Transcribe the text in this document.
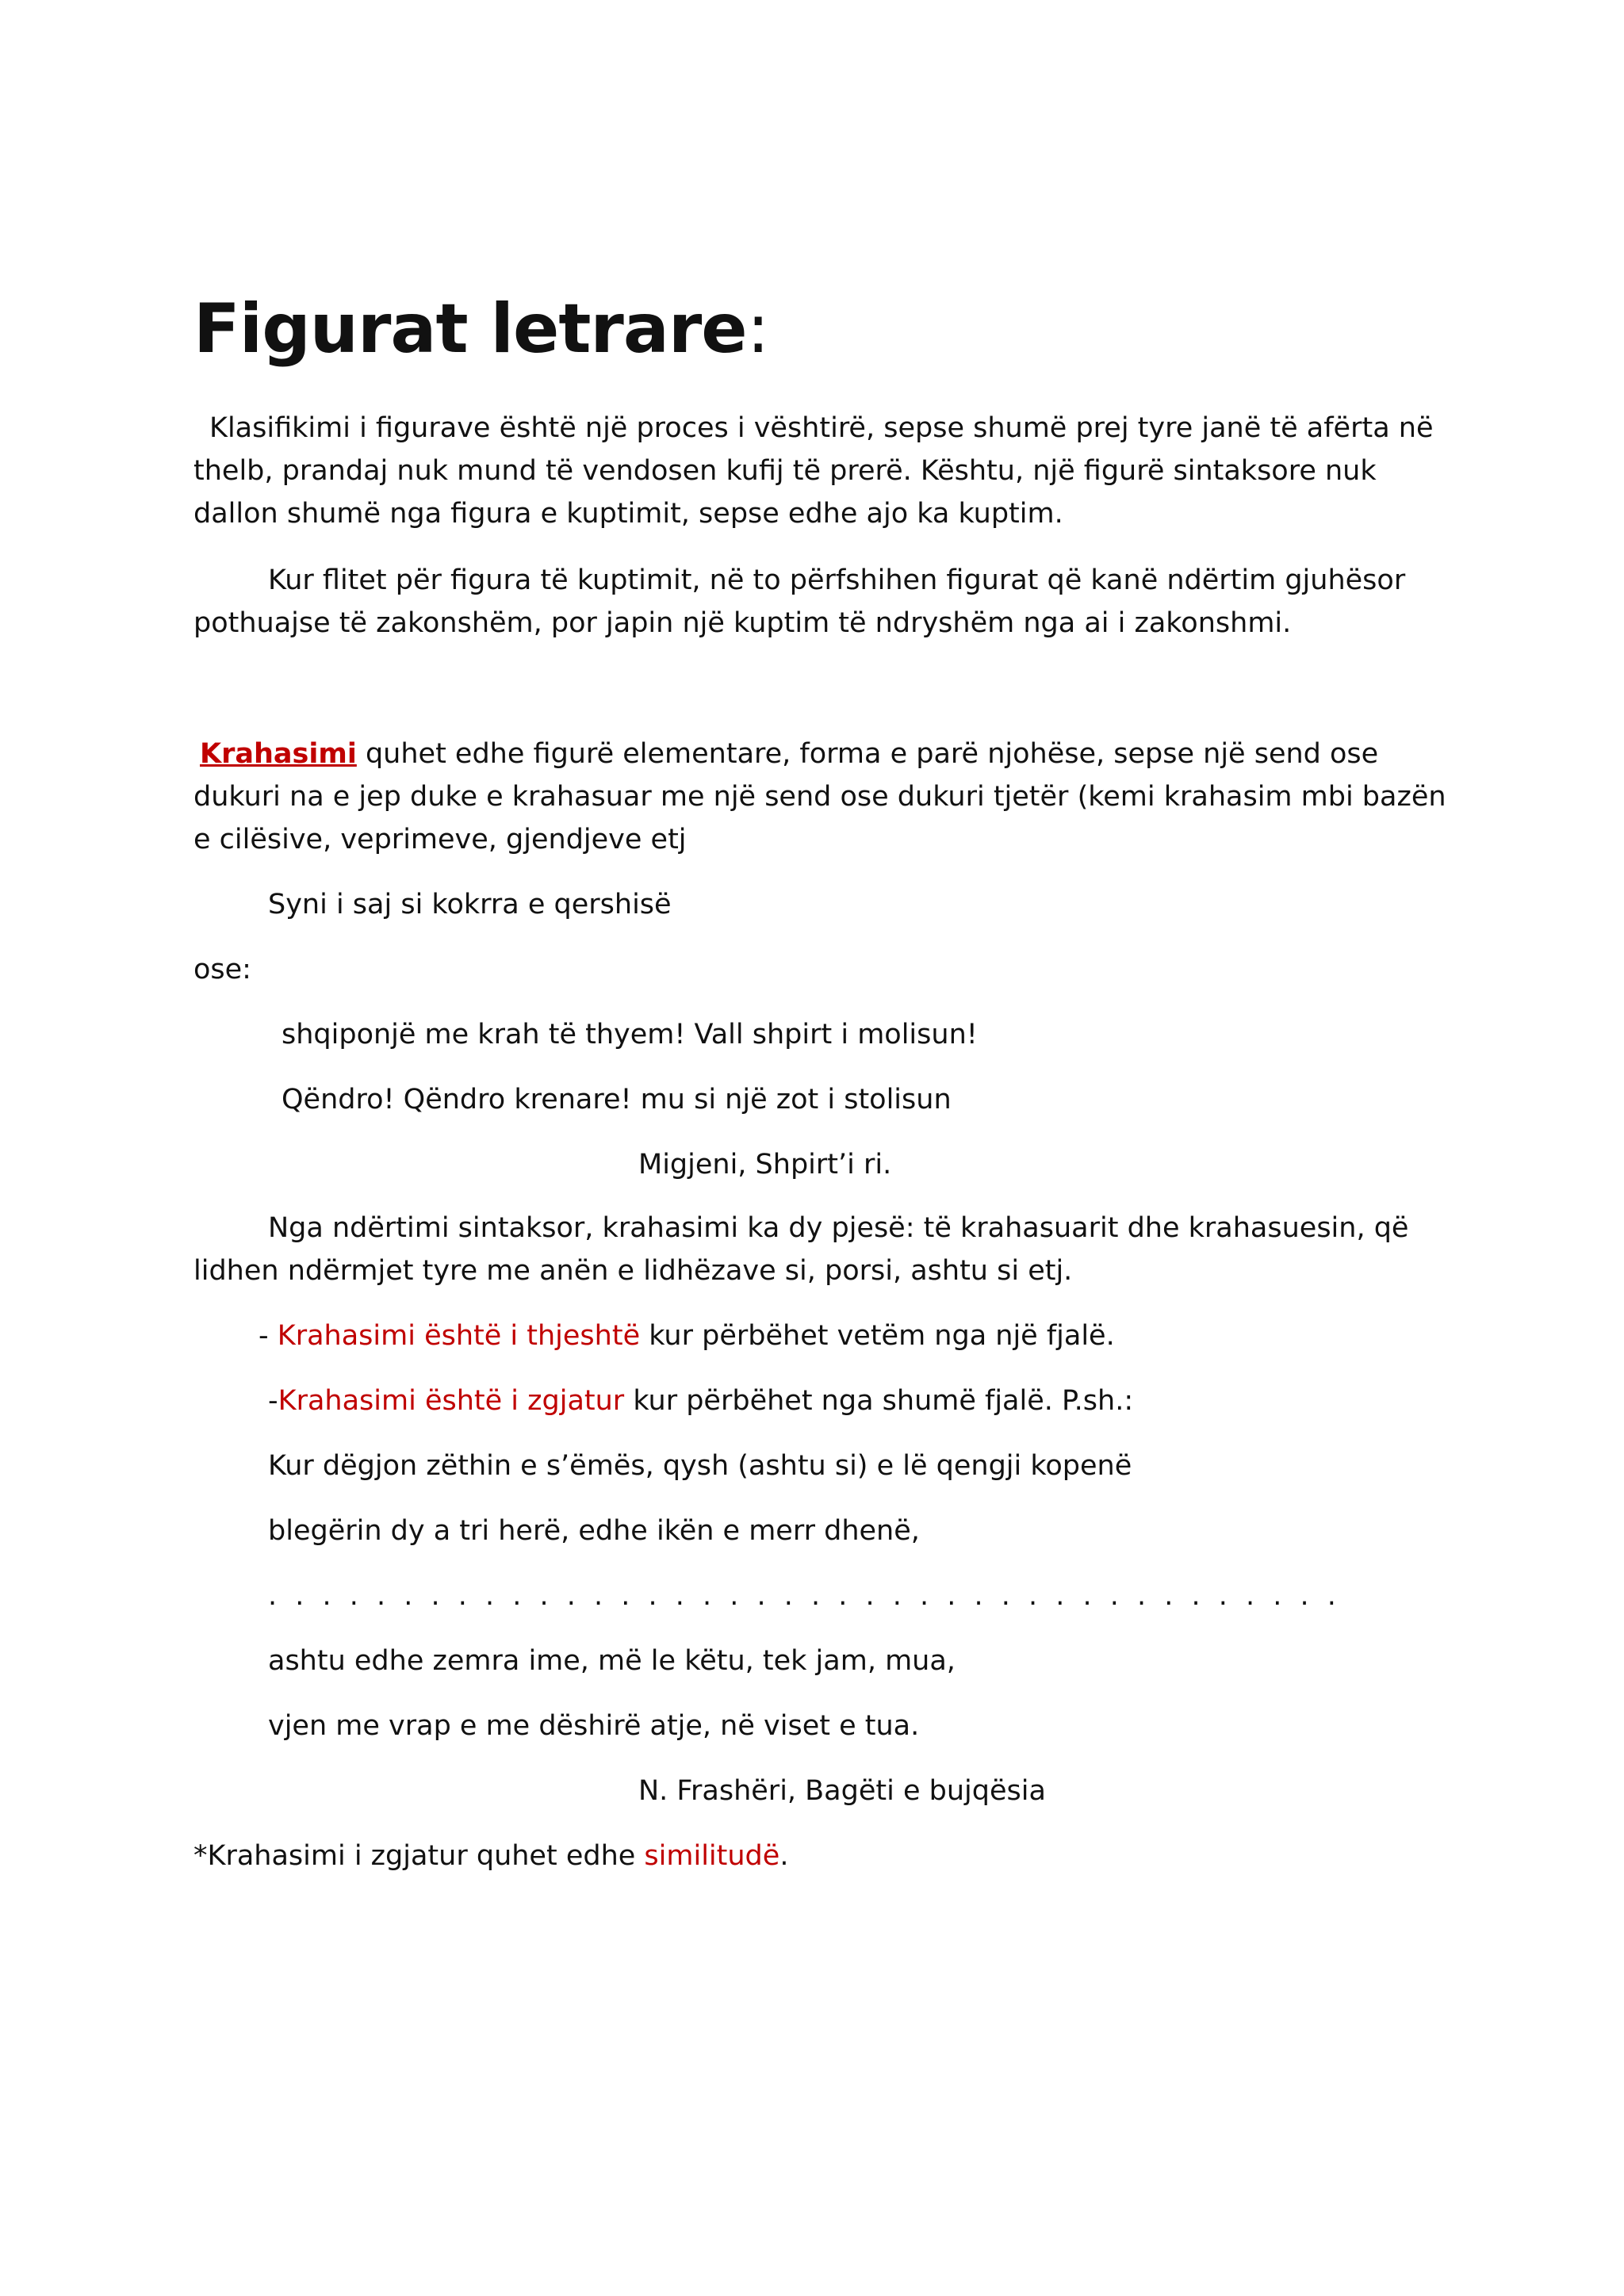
Figurat letrare:

Klasifikimi i figurave është një proces i vështirë, sepse shumë prej tyre janë të afërta në thelb, prandaj nuk mund të vendosen kufij të prerë. Kështu, një figurë sintaksore nuk dallon shumë nga figura e kuptimit, sepse edhe ajo ka kuptim.

Kur flitet për figura të kuptimit, në to përfshihen figurat që kanë ndërtim gjuhësor pothuajse të zakonshëm, por japin një kuptim të ndryshëm nga ai i zakonshmi.

Krahasimi quhet edhe figurë elementare, forma e parë njohëse, sepse një send ose dukuri na e jep duke e krahasuar me një send ose dukuri tjetër (kemi krahasim mbi bazën e cilësive, veprimeve, gjendjeve etj

Syni i saj si kokrra e qershisë

ose:

shqiponjë me krah të thyem! Vall shpirt i molisun!

Qëndro! Qëndro krenare! mu si një zot i stolisun

Migjeni, Shpirt’i ri.

Nga ndërtimi sintaksor, krahasimi ka dy pjesë: të krahasuarit dhe krahasuesin, që lidhen ndërmjet tyre me anën e lidhëzave si, porsi, ashtu si etj.

- Krahasimi është i thjeshtë kur përbëhet vetëm nga një fjalë.

-Krahasimi është i zgjatur kur përbëhet nga shumë fjalë. P.sh.:

Kur dëgjon zëthin e s’ëmës, qysh (ashtu si) e lë qengji kopenë

blegërin dy a tri herë, edhe ikën e merr dhenë,

. . . . . . . . . . . . . . . . . . . . . . . . . . . . . . . . . . . . . . . .

ashtu edhe zemra ime, më le këtu, tek jam, mua,

vjen me vrap e me dëshirë atje, në viset e tua.

N. Frashëri, Bagëti e bujqësia

*Krahasimi i zgjatur quhet edhe similitudë.
